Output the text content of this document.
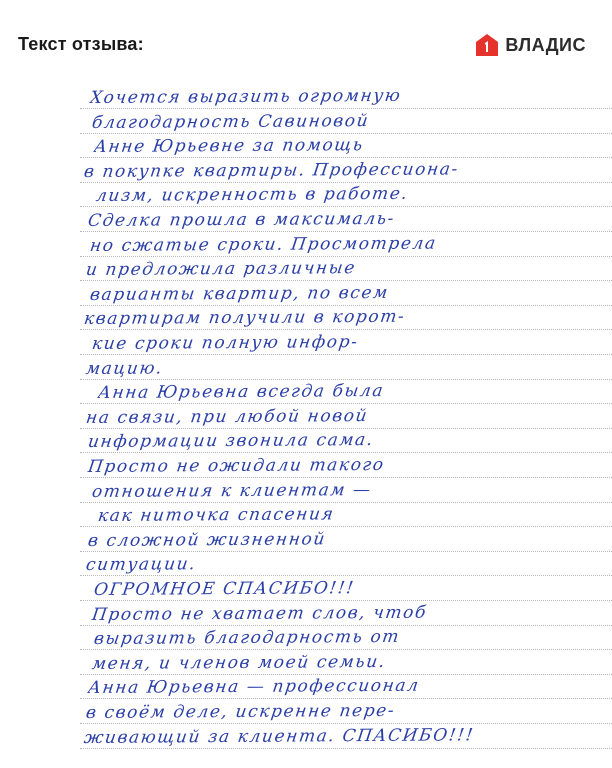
Текст отзыва:	ВЛАДИС
Хочется выразить огромную
благодарность Савиновой
Анне Юрьевне за помощь
в покупке квартиры. Профессиона-
лизм, искренность в работе.
Сделка прошла в максималь-
но сжатые сроки. Просмотрела
и предложила различные
варианты квартир, по всем
квартирам получили в корот-
кие сроки полную инфор-
мацию.
Анна Юрьевна всегда была
на связи, при любой новой
информации звонила сама.
Просто не ожидали такого
отношения к клиентам —
как ниточка спасения
в сложной жизненной
ситуации.
ОГРОМНОЕ СПАСИБО!!!
Просто не хватает слов, чтоб
выразить благодарность от
меня, и членов моей семьи.
Анна Юрьевна — профессионал
в своём деле, искренне пере-
живающий за клиента. СПАСИБО!!!
